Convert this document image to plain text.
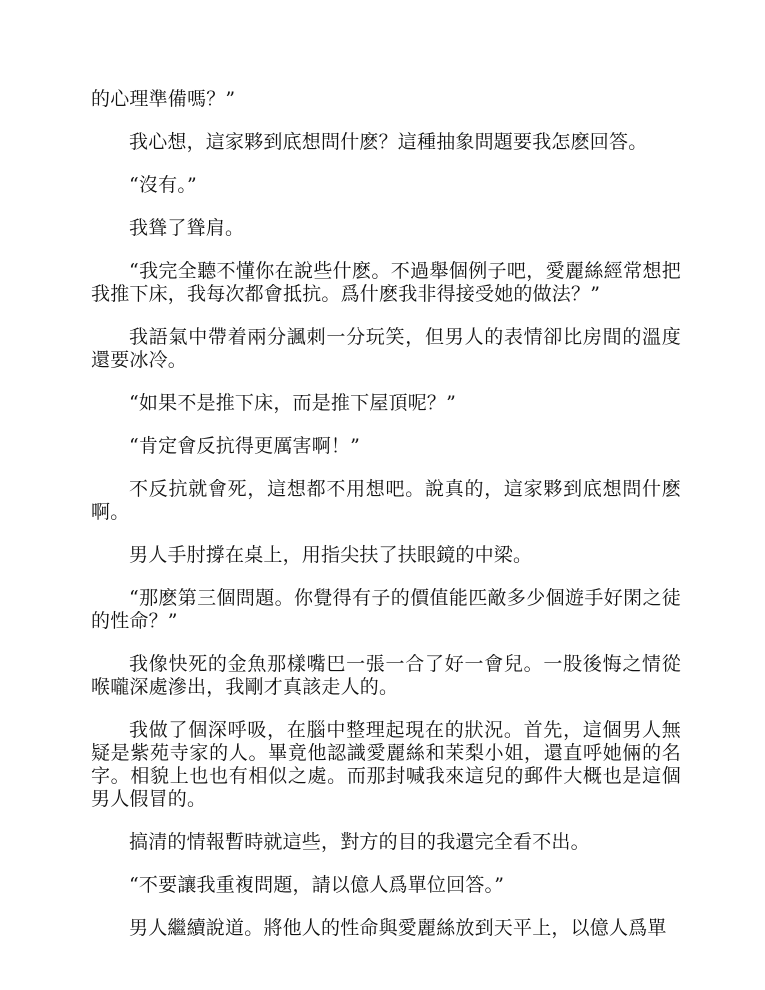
的心理準備嗎？”

我心想，這家夥到底想問什麽？這種抽象問題要我怎麽回答。

“沒有。”

我聳了聳肩。

“我完全聽不懂你在說些什麽。不過舉個例子吧，愛麗絲經常想把我推下床，我每次都會抵抗。爲什麽我非得接受她的做法？”

我語氣中帶着兩分諷刺一分玩笑，但男人的表情卻比房間的溫度還要冰冷。

“如果不是推下床，而是推下屋頂呢？”

“肯定會反抗得更厲害啊！”

不反抗就會死，這想都不用想吧。說真的，這家夥到底想問什麽啊。

男人手肘撐在桌上，用指尖扶了扶眼鏡的中梁。

“那麽第三個問題。你覺得有子的價值能匹敵多少個遊手好閑之徒的性命？”

我像快死的金魚那樣嘴巴一張一合了好一會兒。一股後悔之情從喉嚨深處滲出，我剛才真該走人的。

我做了個深呼吸，在腦中整理起現在的狀況。首先，這個男人無疑是紫苑寺家的人。畢竟他認識愛麗絲和茉梨小姐，還直呼她倆的名字。相貌上也也有相似之處。而那封喊我來這兒的郵件大概也是這個男人假冒的。

搞清的情報暫時就這些，對方的目的我還完全看不出。

“不要讓我重複問題，請以億人爲單位回答。”

男人繼續說道。將他人的性命與愛麗絲放到天平上，以億人爲單
